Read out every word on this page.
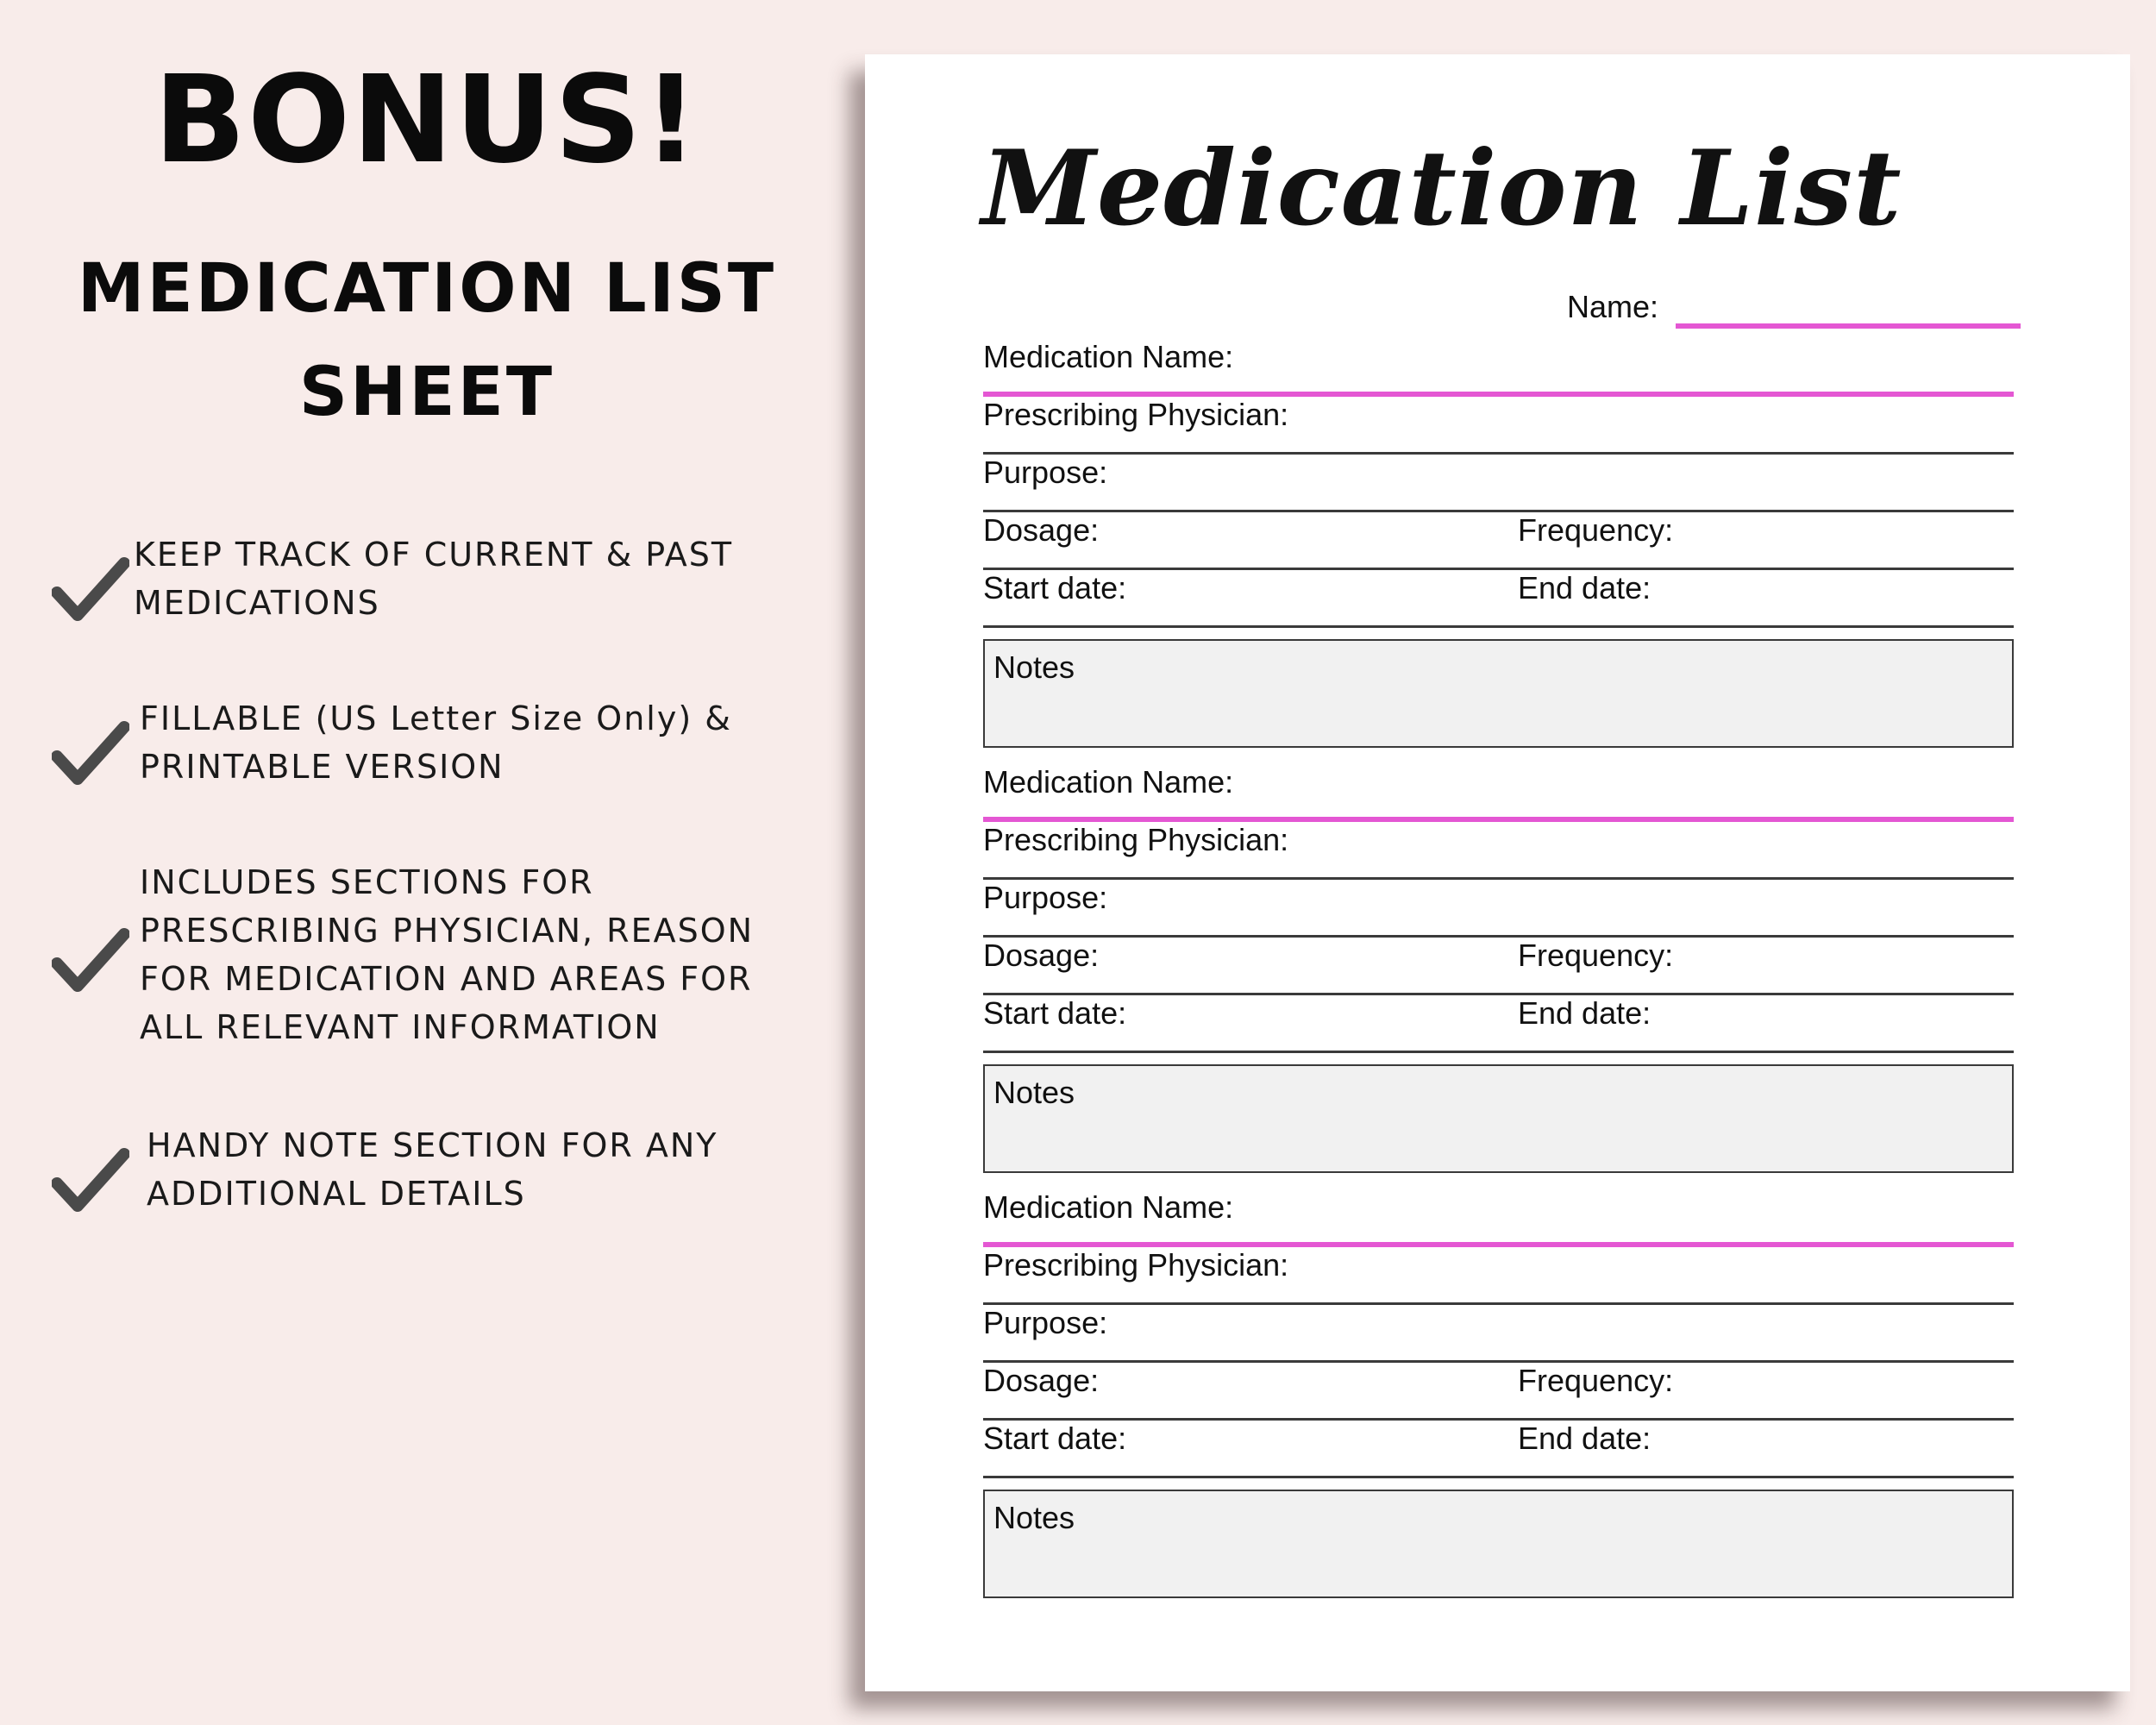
BONUS!
MEDICATION LIST
SHEET
KEEP TRACK OF CURRENT & PAST
MEDICATIONS
FILLABLE (US Letter Size Only) &
PRINTABLE VERSION
INCLUDES SECTIONS FOR
PRESCRIBING PHYSICIAN, REASON
FOR MEDICATION AND AREAS FOR
ALL RELEVANT INFORMATION
HANDY NOTE SECTION FOR ANY
ADDITIONAL DETAILS
Medication List
Name:
Medication Name:
Prescribing Physician:
Purpose:
Dosage:	Frequency:
Start date:	End date:
Notes
Medication Name:
Prescribing Physician:
Purpose:
Dosage:	Frequency:
Start date:	End date:
Notes
Medication Name:
Prescribing Physician:
Purpose:
Dosage:	Frequency:
Start date:	End date:
Notes
